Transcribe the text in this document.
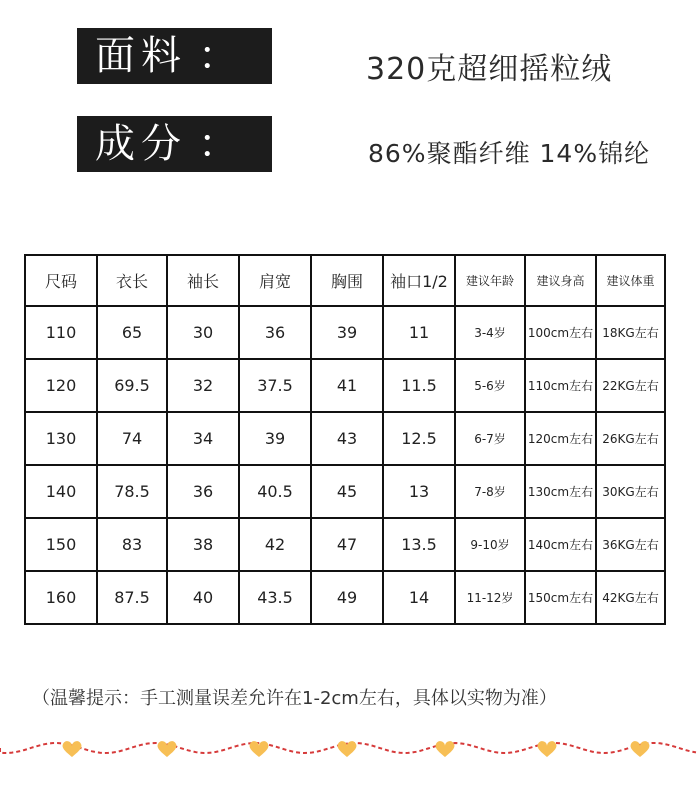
面料 ：	320克超细摇粒绒
成分 ：	86%聚酯纤维 14%锦纶
尺码	衣长	袖长	肩宽	胸围	袖口1/2	建议年龄	建议身高	建议体重
110	65	30	36	39	11	3-4岁	100cm左右	18KG左右
120	69.5	32	37.5	41	11.5	5-6岁	110cm左右	22KG左右
130	74	34	39	43	12.5	6-7岁	120cm左右	26KG左右
140	78.5	36	40.5	45	13	7-8岁	130cm左右	30KG左右
150	83	38	42	47	13.5	9-10岁	140cm左右	36KG左右
160	87.5	40	43.5	49	14	11-12岁	150cm左右	42KG左右
（温馨提示：手工测量误差允许在1-2cm左右，具体以实物为准）
